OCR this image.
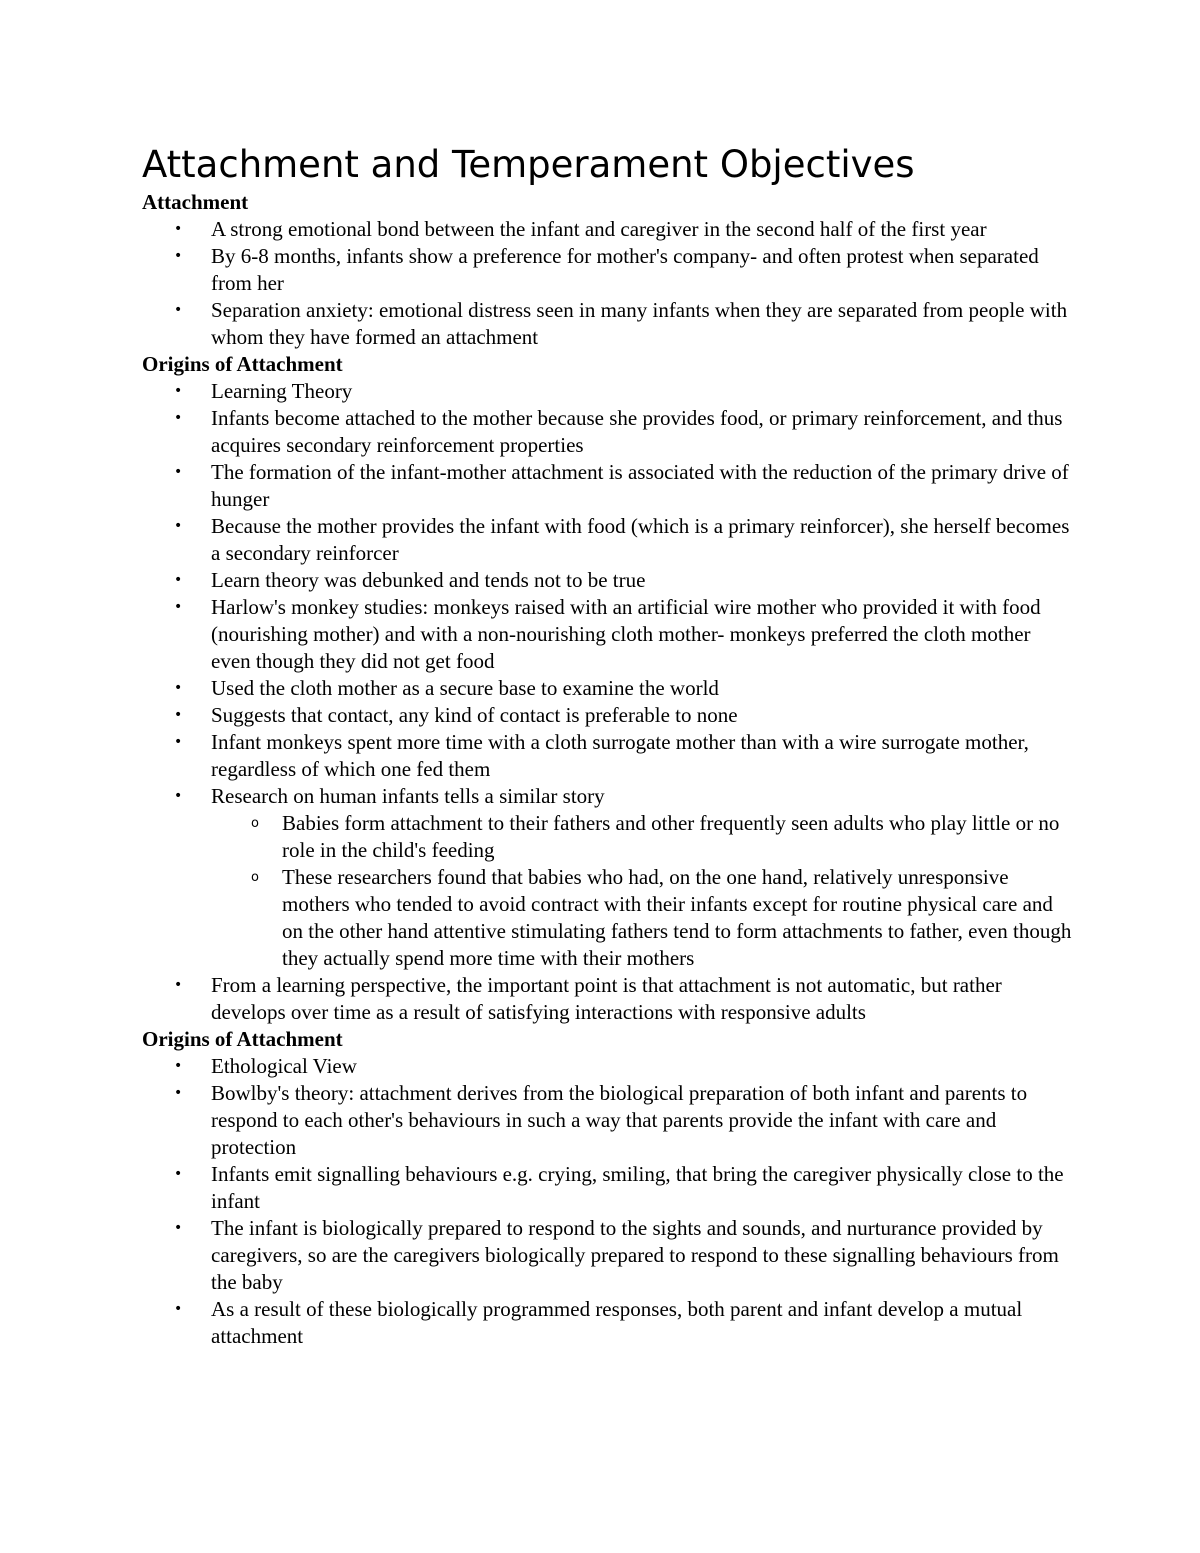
Attachment and Temperament Objectives

Attachment

• A strong emotional bond between the infant and caregiver in the second half of the first year
• By 6-8 months, infants show a preference for mother's company- and often protest when separated from her
• Separation anxiety: emotional distress seen in many infants when they are separated from people with whom they have formed an attachment

Origins of Attachment

• Learning Theory
• Infants become attached to the mother because she provides food, or primary reinforcement, and thus acquires secondary reinforcement properties
• The formation of the infant-mother attachment is associated with the reduction of the primary drive of hunger
• Because the mother provides the infant with food (which is a primary reinforcer), she herself becomes a secondary reinforcer
• Learn theory was debunked and tends not to be true
• Harlow's monkey studies: monkeys raised with an artificial wire mother who provided it with food (nourishing mother) and with a non-nourishing cloth mother- monkeys preferred the cloth mother even though they did not get food
• Used the cloth mother as a secure base to examine the world
• Suggests that contact, any kind of contact is preferable to none
• Infant monkeys spent more time with a cloth surrogate mother than with a wire surrogate mother, regardless of which one fed them
• Research on human infants tells a similar story
o Babies form attachment to their fathers and other frequently seen adults who play little or no role in the child's feeding
o These researchers found that babies who had, on the one hand, relatively unresponsive mothers who tended to avoid contract with their infants except for routine physical care and on the other hand attentive stimulating fathers tend to form attachments to father, even though they actually spend more time with their mothers
• From a learning perspective, the important point is that attachment is not automatic, but rather develops over time as a result of satisfying interactions with responsive adults

Origins of Attachment

• Ethological View
• Bowlby's theory: attachment derives from the biological preparation of both infant and parents to respond to each other's behaviours in such a way that parents provide the infant with care and protection
• Infants emit signalling behaviours e.g. crying, smiling, that bring the caregiver physically close to the infant
• The infant is biologically prepared to respond to the sights and sounds, and nurturance provided by caregivers, so are the caregivers biologically prepared to respond to these signalling behaviours from the baby
• As a result of these biologically programmed responses, both parent and infant develop a mutual attachment
